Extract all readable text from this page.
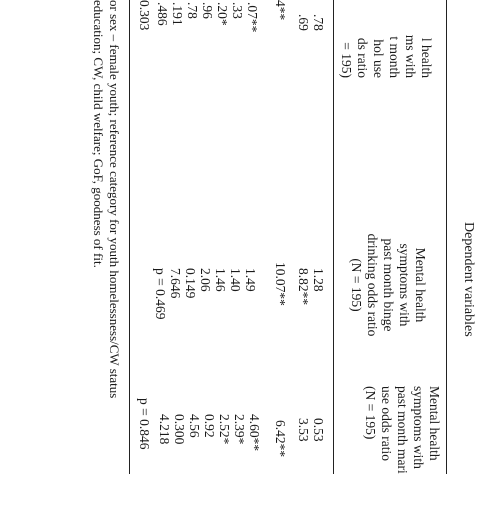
Dependent variables
l health
ms with
t month
hol use
ds ratio
= 195)
Mental health
symptoms with
past month binge
drinking odds ratio
(N = 195)
Mental health
symptoms with
past month mari
use odds ratio
(N = 195)
.78
.69
4**
.07**
.33
.20*
.96
.78
.191
.486
1.28
8.82**
10.07**
1.49
1.40
1.46
2.06
0.149
7.646
p = 0.469
0.53
3.53
6.42**
4.60**
2.39*
2.52*
0.92
4.56
0.300
4.218
0.303
p = 0.846
or sex – female youth; reference category for youth homelessness/CW status
education; CW, child welfare; GoF, goodness of fit.
